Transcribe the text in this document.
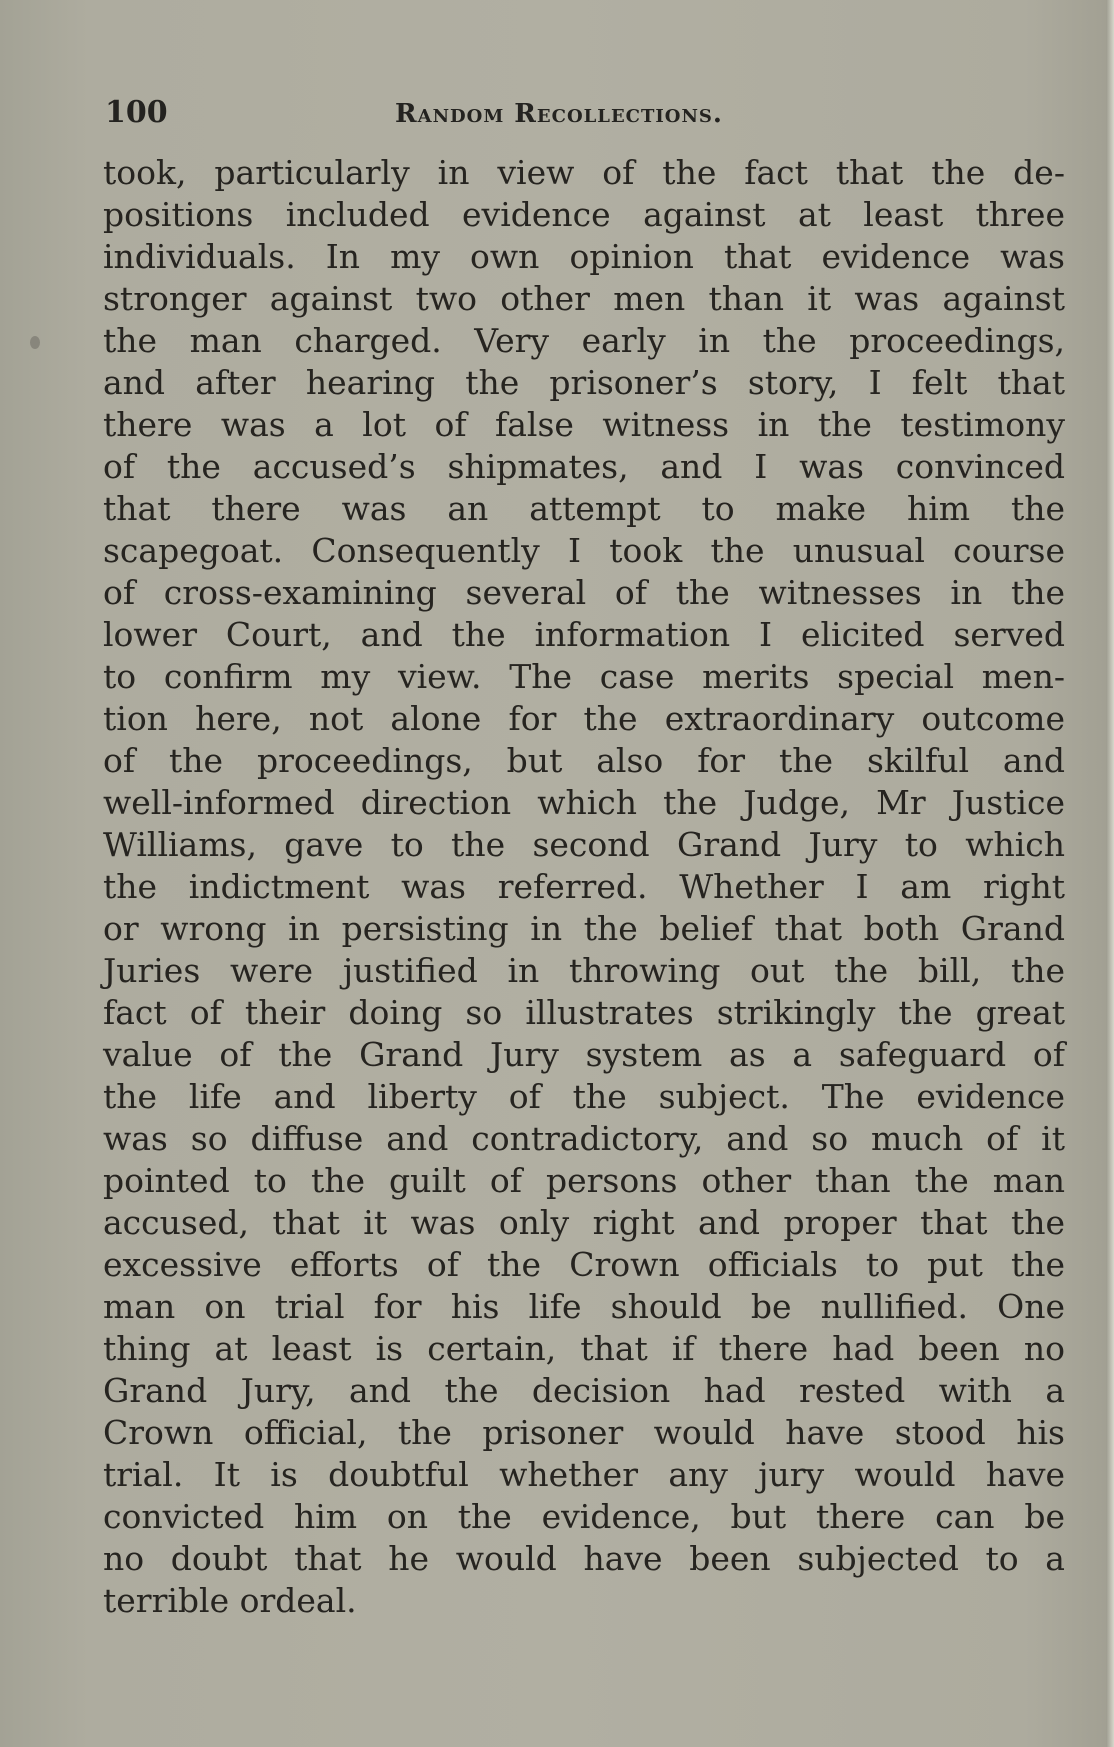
100	Random Recollections.
took, particularly in view of the fact that the de-
positions included evidence against at least three
individuals. In my own opinion that evidence was
stronger against two other men than it was against
the man charged. Very early in the proceedings,
and after hearing the prisoner’s story, I felt that
there was a lot of false witness in the testimony
of the accused’s shipmates, and I was convinced
that there was an attempt to make him the
scapegoat. Consequently I took the unusual course
of cross-examining several of the witnesses in the
lower Court, and the information I elicited served
to confirm my view. The case merits special men-
tion here, not alone for the extraordinary outcome
of the proceedings, but also for the skilful and
well-informed direction which the Judge, Mr Justice
Williams, gave to the second Grand Jury to which
the indictment was referred. Whether I am right
or wrong in persisting in the belief that both Grand
Juries were justified in throwing out the bill, the
fact of their doing so illustrates strikingly the great
value of the Grand Jury system as a safeguard of
the life and liberty of the subject. The evidence
was so diffuse and contradictory, and so much of it
pointed to the guilt of persons other than the man
accused, that it was only right and proper that the
excessive efforts of the Crown officials to put the
man on trial for his life should be nullified. One
thing at least is certain, that if there had been no
Grand Jury, and the decision had rested with a
Crown official, the prisoner would have stood his
trial. It is doubtful whether any jury would have
convicted him on the evidence, but there can be
no doubt that he would have been subjected to a
terrible ordeal.
